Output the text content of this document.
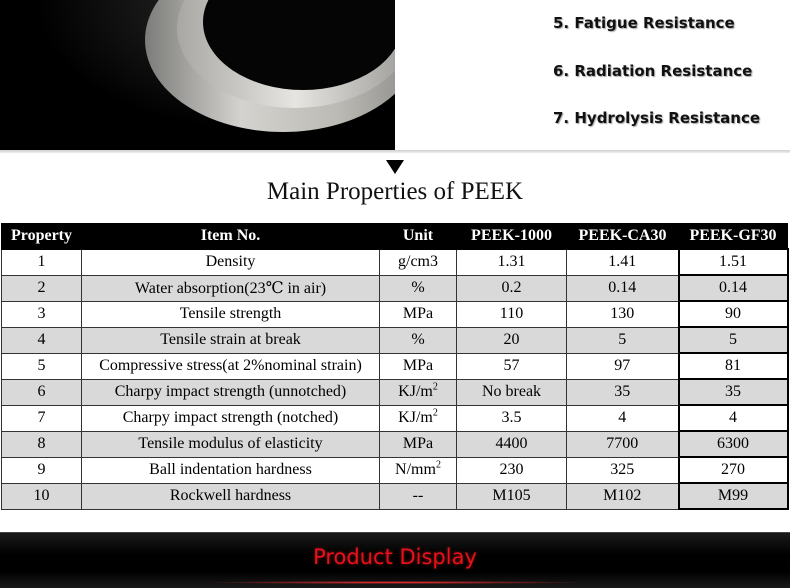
5. Fatigue Resistance
6. Radiation Resistance
7. Hydrolysis Resistance
Main Properties of PEEK
Property	Item No.	Unit	PEEK-1000	PEEK-CA30	PEEK-GF30
1	Density	g/cm3	1.31	1.41	1.51
2	Water absorption(23℃ in air)	%	0.2	0.14	0.14
3	Tensile strength	MPa	110	130	90
4	Tensile strain at break	%	20	5	5
5	Compressive stress(at 2%nominal strain)	MPa	57	97	81
6	Charpy impact strength (unnotched)	$KJ/m^2$	No break	35	35
7	Charpy impact strength (notched)	$KJ/m^2$	3.5	4	4
8	Tensile modulus of elasticity	MPa	4400	7700	6300
9	Ball indentation hardness	$N/mm^2$	230	325	270
10	Rockwell hardness	--	M105	M102	M99
Product Display
